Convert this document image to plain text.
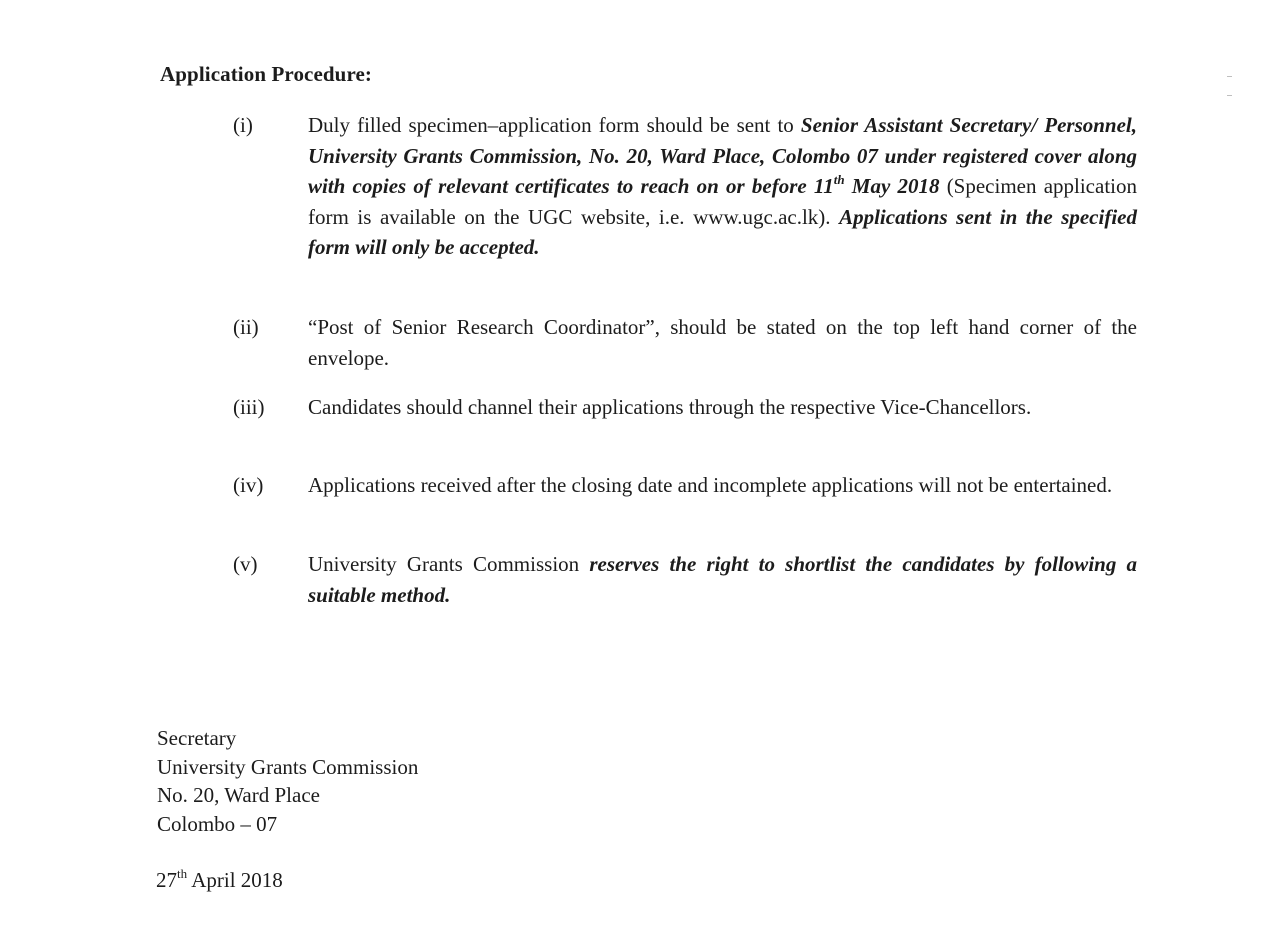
Application Procedure:
(i)	Duly filled specimen–application form should be sent to Senior Assistant Secretary/ Personnel, University Grants Commission, No. 20, Ward Place, Colombo 07 under registered cover along with copies of relevant certificates to reach on or before 11th May 2018 (Specimen application form is available on the UGC website, i.e. www.ugc.ac.lk). Applications sent in the specified form will only be accepted.
(ii) “Post of Senior Research Coordinator”, should be stated on the top left hand corner of the envelope.
(iii) Candidates should channel their applications through the respective Vice-Chancellors.
(iv) Applications received after the closing date and incomplete applications will not be entertained.
(v) University Grants Commission reserves the right to shortlist the candidates by following a suitable method.
Secretary
University Grants Commission
No. 20, Ward Place
Colombo – 07
27th April 2018
